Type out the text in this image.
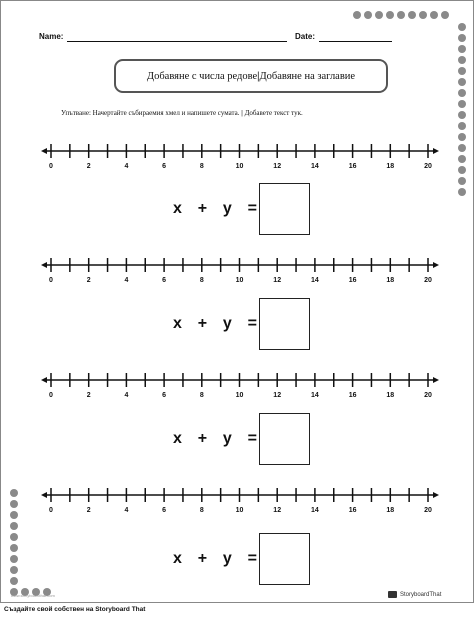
Name:	Date:
Добавяне с числа редове | Добавяне на заглавие
Упътване: Начертайте събираемия хмел и напишете сумата. | Добавете текст тук.
0	2	4	6	8	10	12	14	16	18	20
0	2	4	6	8	10	12	14	16	18	20
0	2	4	6	8	10	12	14	16	18	20
0	2	4	6	8	10	12	14	16	18	20
x + y =
x + y =
x + y =
x + y =
www.storyboardthat.com	StoryboardThat
Създайте свой собствен на Storyboard That
